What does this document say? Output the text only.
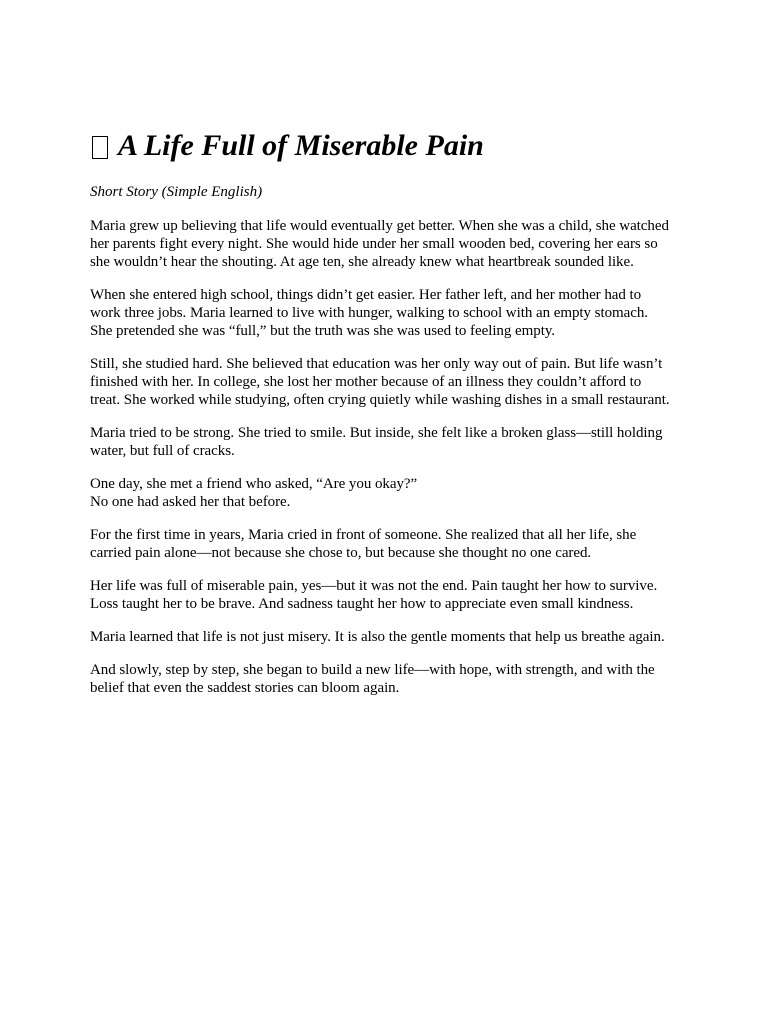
A Life Full of Miserable Pain

Short Story (Simple English)

Maria grew up believing that life would eventually get better. When she was a child, she watched
her parents fight every night. She would hide under her small wooden bed, covering her ears so
she wouldn’t hear the shouting. At age ten, she already knew what heartbreak sounded like.

When she entered high school, things didn’t get easier. Her father left, and her mother had to
work three jobs. Maria learned to live with hunger, walking to school with an empty stomach.
She pretended she was “full,” but the truth was she was used to feeling empty.

Still, she studied hard. She believed that education was her only way out of pain. But life wasn’t
finished with her. In college, she lost her mother because of an illness they couldn’t afford to
treat. She worked while studying, often crying quietly while washing dishes in a small restaurant.

Maria tried to be strong. She tried to smile. But inside, she felt like a broken glass—still holding
water, but full of cracks.

One day, she met a friend who asked, “Are you okay?”
No one had asked her that before.

For the first time in years, Maria cried in front of someone. She realized that all her life, she
carried pain alone—not because she chose to, but because she thought no one cared.

Her life was full of miserable pain, yes—but it was not the end. Pain taught her how to survive.
Loss taught her to be brave. And sadness taught her how to appreciate even small kindness.

Maria learned that life is not just misery. It is also the gentle moments that help us breathe again.

And slowly, step by step, she began to build a new life—with hope, with strength, and with the
belief that even the saddest stories can bloom again.
